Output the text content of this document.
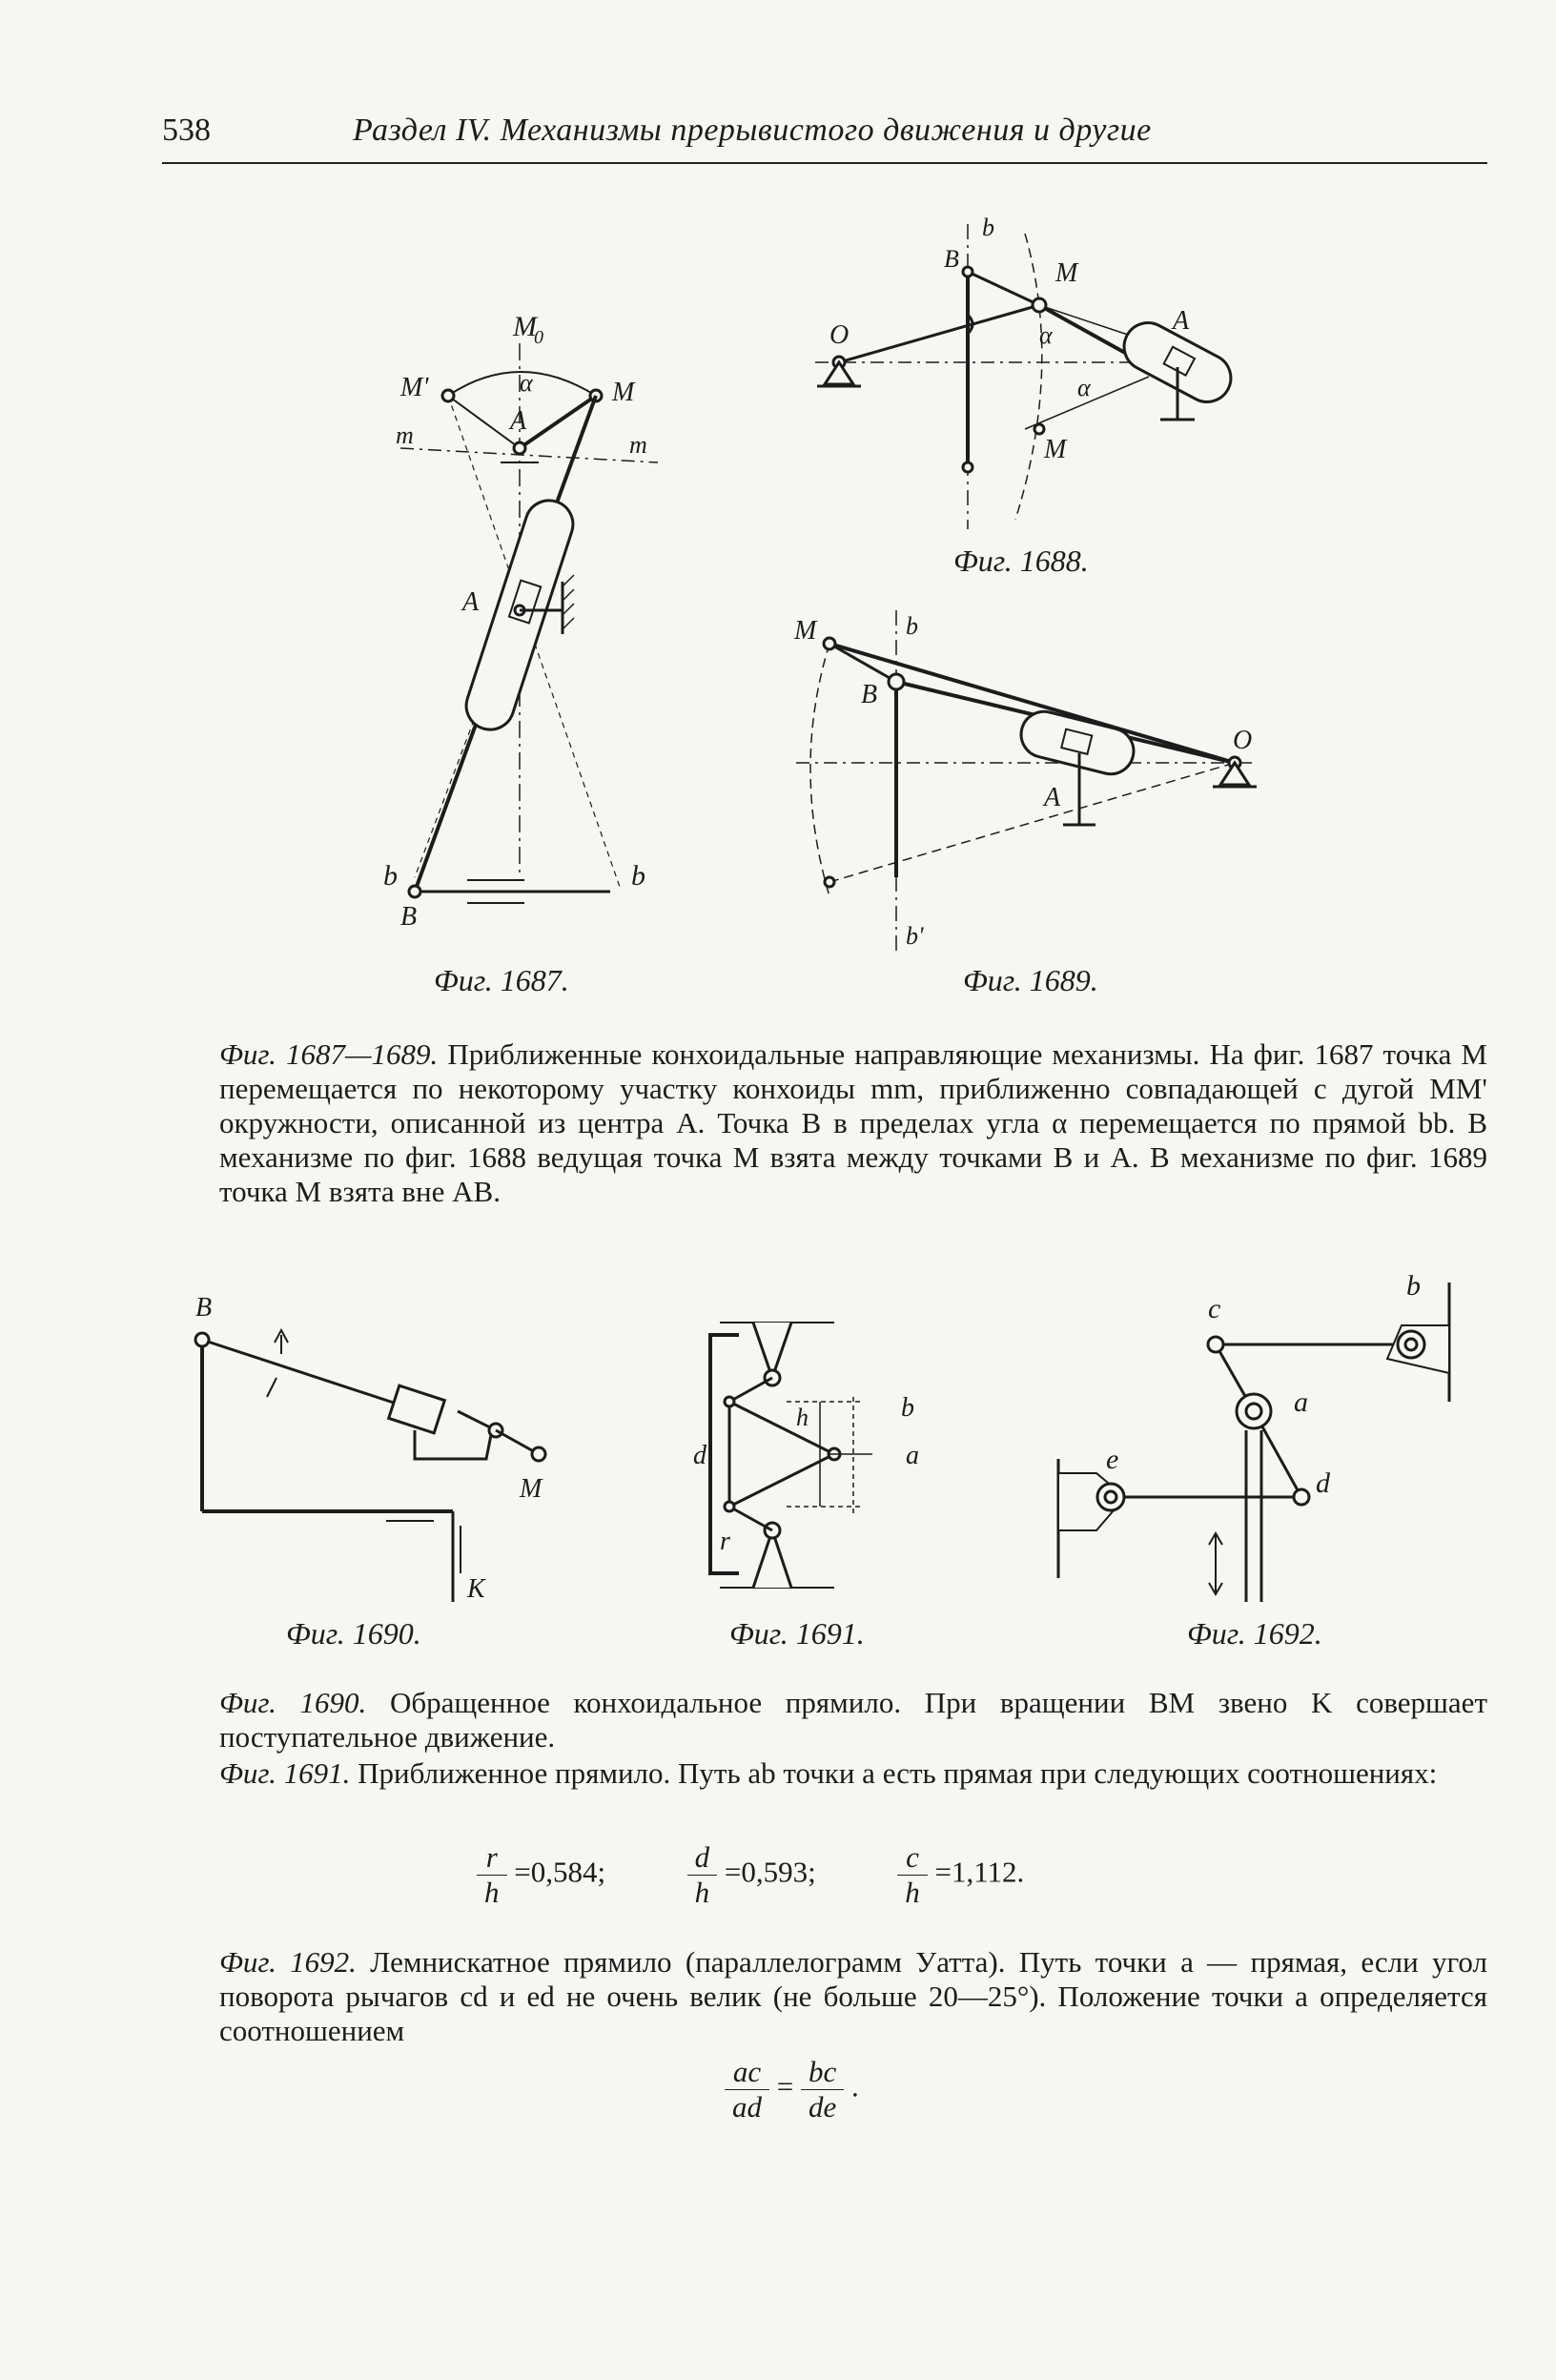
538	Раздел IV. Механизмы прерывистого движения и другие
M
0
M'	M
α
A
A
m	m
b	b
B
Фиг. 1687.
b
B	M
O	A
α
α
M
Фиг. 1688.
M	b
B
O
A
b'
Фиг. 1689.
Фиг. 1687—1689. Приближенные конхоидальные направляющие механизмы. На фиг. 1687 точка M перемещается по некоторому участку конхоиды mm, приближенно совпадающей с дугой MM' окружности, описанной из центра A. Точка B в пределах угла α перемещается по прямой bb. В механизме по фиг. 1688 ведущая точка M взята между точками B и A. В механизме по фиг. 1689 точка M взята вне AB.
B
M
K
Фиг. 1690.
b
a
d
h
r
Фиг. 1691.
c
b
a
e
d
Фиг. 1692.
Фиг. 1690. Обращенное конхоидальное прямило. При вращении BM звено K совершает поступательное движение.
Фиг. 1691. Приближенное прямило. Путь ab точки a есть прямая при следующих соотношениях:
$\frac{r}{h} =0,584$;	$\frac{d}{h} =0,593$;	$\frac{c}{h} =1,112$.
Фиг. 1692. Лемнискатное прямило (параллелограмм Уатта). Путь точки a — прямая, если угол поворота рычагов cd и ed не очень велик (не больше 20—25°). Положение точки a определяется соотношением
$\frac{ac}{ad} = \frac{bc}{de}$ .
